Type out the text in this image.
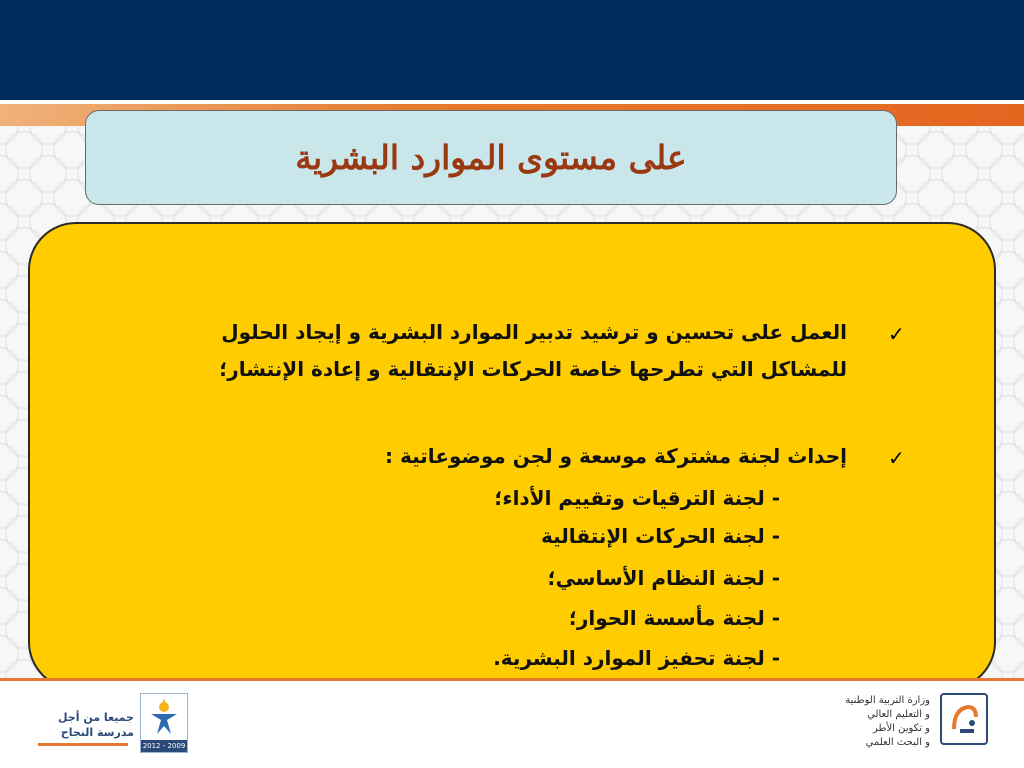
على مستوى الموارد البشرية
✓
العمل على تحسين و ترشيد تدبير الموارد البشرية و إيجاد الحلول
للمشاكل التي تطرحها خاصة الحركات الإنتقالية و إعادة الإنتشار؛
✓
إحداث لجنة مشتركة موسعة و لجن موضوعاتية :
- لجنة الترقيات وتقييم الأداء؛
- لجنة الحركات الإنتقالية
- لجنة النظام الأساسي؛
- لجنة مأسسة الحوار؛
- لجنة تحفيز الموارد البشرية.
جميعا من أجل
مدرسة النجاح
2012 - 2009
وزارة التربية الوطنية
و التعليم العالي
و تكوين الأطر
و البحث العلمي
